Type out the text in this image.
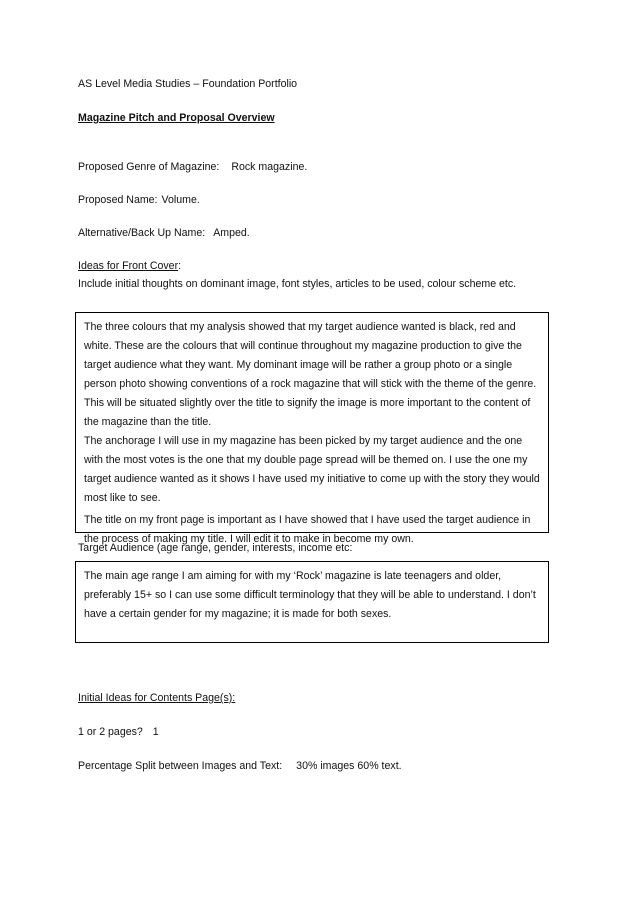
AS Level Media Studies – Foundation Portfolio
Magazine Pitch and Proposal Overview
Proposed Genre of Magazine: Rock magazine.
Proposed Name: Volume.
Alternative/Back Up Name: Amped.
Ideas for Front Cover:
Include initial thoughts on dominant image, font styles, articles to be used, colour scheme etc.

The three colours that my analysis showed that my target audience wanted is black, red and white. These are the colours that will continue throughout my magazine production to give the target audience what they want. My dominant image will be rather a group photo or a single person photo showing conventions of a rock magazine that will stick with the theme of the genre. This will be situated slightly over the title to signify the image is more important to the content of the magazine than the title.

The anchorage I will use in my magazine has been picked by my target audience and the one with the most votes is the one that my double page spread will be themed on. I use the one my target audience wanted as it shows I have used my initiative to come up with the story they would most like to see.

The title on my front page is important as I have showed that I have used the target audience in the process of making my title. I will edit it to make in become my own.

Target Audience (age range, gender, interests, income etc:

The main age range I am aiming for with my ‘Rock’ magazine is late teenagers and older, preferably 15+ so I can use some difficult terminology that they will be able to understand. I don’t have a certain gender for my magazine; it is made for both sexes.

Initial Ideas for Contents Page(s):
1 or 2 pages? 1
Percentage Split between Images and Text: 30% images 60% text.
